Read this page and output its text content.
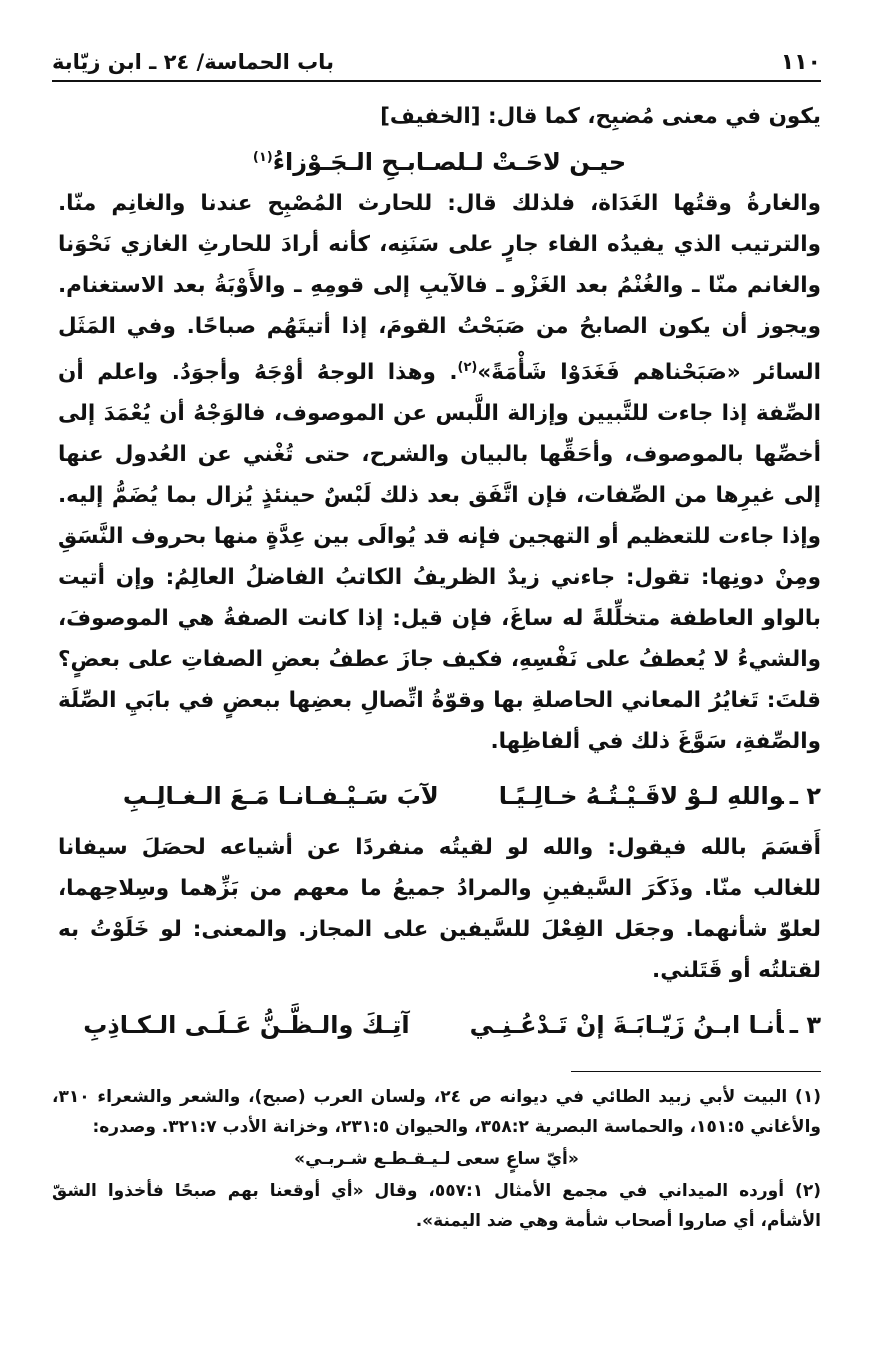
١١٠
باب الحماسة/ ٢٤ ـ ابن زيّابة

يكون في معنى مُضبِح، كما قال: [الخفيف]

حيـن لاحَـتْ لـلصـابـحِ الـجَـوْزاءُ$^{(١)}$

والغارةُ وقتُها الغَدَاة، فلذلك قال: للحارث المُصْبِح عندنا والغانِم منّا. والترتيب الذي يفيدُه الفاء جارٍ على سَنَنِه، كأنه أرادَ للحارثِ الغازي نَحْوَنا والغانم منّا ـ والغُنْمُ بعد الغَزْو ـ فالآيبِ إلى قومِهِ ـ والأَوْبَةُ بعد الاستغنام. ويجوز أن يكون الصابحُ من صَبَحْتُ القومَ، إذا أتيتَهُم صباحًا. وفي المَثَل السائر «صَبَحْناهم فَغَدَوْا شَأْمَةً»$^{(٢)}$. وهذا الوجهُ أوْجَهُ وأجوَدُ. واعلم أن الصِّفة إذا جاءت للتَّبيين وإزالة اللَّبس عن الموصوف، فالوَجْهُ أن يُعْمَدَ إلى أخصِّها بالموصوف، وأحَقِّها بالبيان والشرح، حتى تُغْني عن العُدول عنها إلى غيرِها من الصِّفات، فإن اتَّفَق بعد ذلك لَبْسٌ حينئذٍ يُزال بما يُضَمُّ إليه. وإذا جاءت للتعظيم أو التهجين فإنه قد يُوالَى بين عِدَّةٍ منها بحروف النَّسَقِ ومِنْ دونِها: تقول: جاءني زيدٌ الظريفُ الكاتبُ الفاضلُ العالِمُ: وإن أتيت بالواو العاطفة متخلِّلةً له ساغَ، فإن قيل: إذا كانت الصفةُ هي الموصوفَ، والشيءُ لا يُعطفُ على نَفْسِهِ، فكيف جازَ عطفُ بعضِ الصفاتِ على بعضٍ؟ قلتَ: تَغايُرُ المعاني الحاصلةِ بها وقوّةُ اتِّصالِ بعضِها ببعضٍ في بابَيِ الصِّلَة والصِّفةِ، سَوَّغَ ذلك في ألفاظِها.

٢ ـواللهِ لـوْ لاقَـيْـتُـهُ خـالِـيًـا
لآبَ سَـيْـفـانـا مَـعَ الـغـالِـبِ

أَقسَمَ بالله فيقول: والله لو لقيتُه منفردًا عن أشياعه لحصَلَ سيفانا للغالب منّا. وذَكَرَ السَّيفينِ والمرادُ جميعُ ما معهم من بَزِّهما وسِلاحِهما، لعلوّ شأنهما. وجعَل الفِعْلَ للسَّيفين على المجاز. والمعنى: لو خَلَوْتُ به لقتلتُه أو قَتَلني.

٣ ـأنـا ابـنُ زَيّـابَـةَ إنْ تَـدْعُـنِـي
آتِـكَ والـظَّـنُّ عَـلَـى الـكـاذِبِ

(١) البيت لأبي زبيد الطائي في ديوانه ص ٢٤، ولسان العرب (صبح)، والشعر والشعراء ٣١٠، والأغاني ١٥١:٥، والحماسة البصرية ٣٥٨:٢، والحيوان ٢٣١:٥، وخزانة الأدب ٣٢١:٧. وصدره:

«أيّ ساعٍ سعى لـيـقـطـع شـربـي»

(٢) أورده الميداني في مجمع الأمثال ٥٥٧:١، وقال «أي أوقعنا بهم صبحًا فأخذوا الشقّ الأشأم، أي صاروا أصحاب شأمة وهي ضد اليمنة».
